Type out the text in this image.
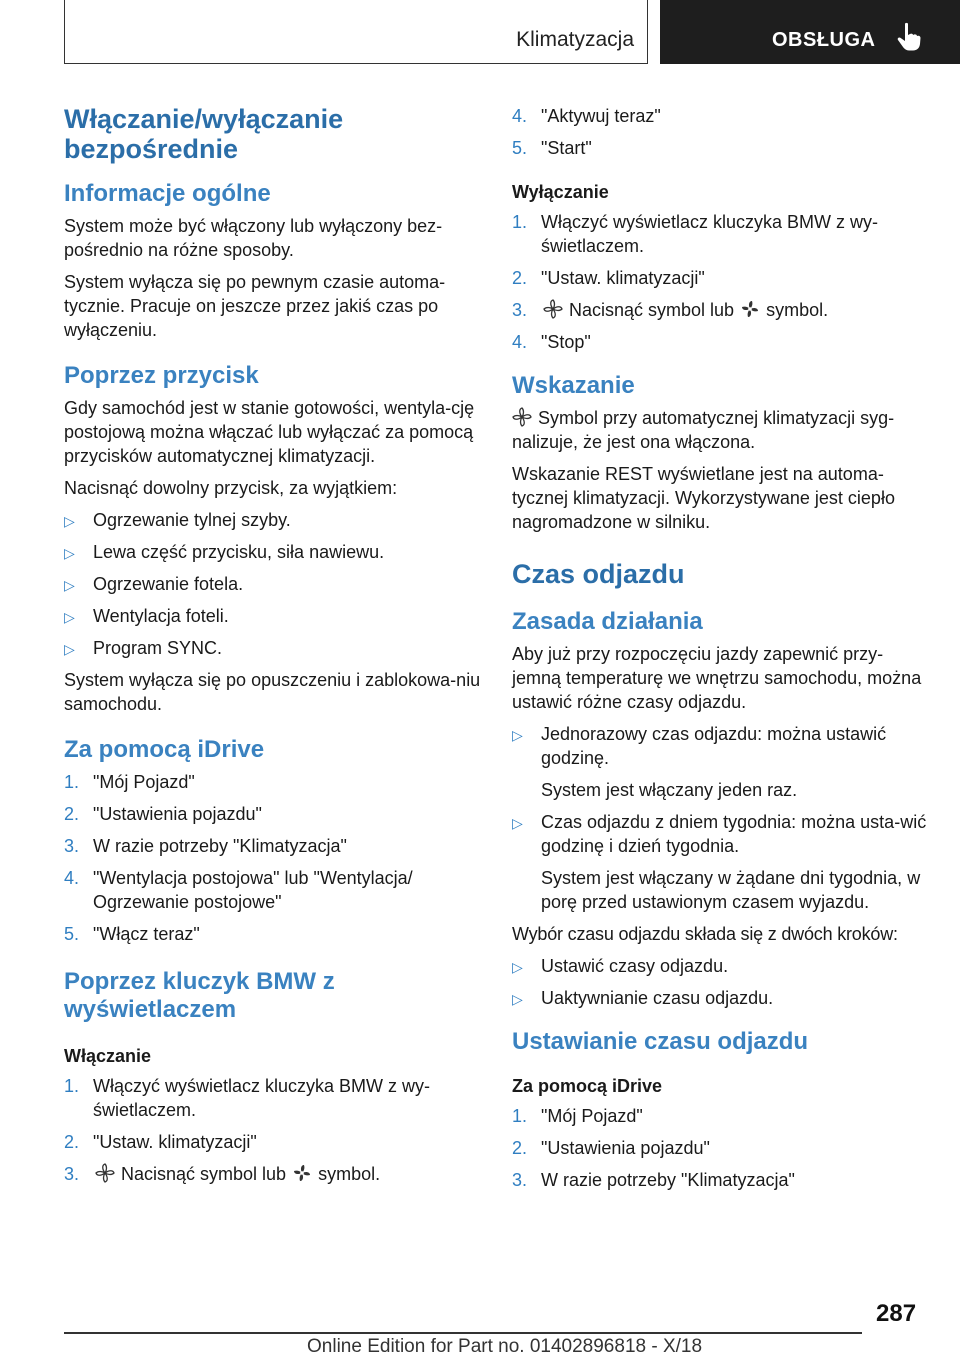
Klimatyzacja	OBSŁUGA
Włączanie/wyłączanie
bezpośrednie
Informacje ogólne

System może być włączony lub wyłączony bez-pośrednio na różne sposoby.

System wyłącza się po pewnym czasie automa-tycznie. Pracuje on jeszcze przez jakiś czas po wyłączeniu.

Poprzez przycisk

Gdy samochód jest w stanie gotowości, wentyla-cję postojową można włączać lub wyłączać za pomocą przycisków automatycznej klimatyzacji.

Nacisnąć dowolny przycisk, za wyjątkiem:

▷ Ogrzewanie tylnej szyby.
▷ Lewa część przycisku, siła nawiewu.
▷ Ogrzewanie fotela.
▷ Wentylacja foteli.
▷ Program SYNC.

System wyłącza się po opuszczeniu i zablokowa-niu samochodu.

Za pomocą iDrive
1. "Mój Pojazd"
2. "Ustawienia pojazdu"
3. W razie potrzeby "Klimatyzacja"
4. "Wentylacja postojowa" lub "Wentylacja/ Ogrzewanie postojowe"
5. "Włącz teraz"
Poprzez kluczyk BMW z
wyświetlaczem
Włączanie
1. Włączyć wyświetlacz kluczyka BMW z wy-świetlaczem.
2. "Ustaw. klimatyzacji"
3. Nacisnąć symbol lub symbol.
4. "Aktywuj teraz"
5. "Start"
Wyłączanie
1. Włączyć wyświetlacz kluczyka BMW z wy-świetlaczem.
2. "Ustaw. klimatyzacji"
3. Nacisnąć symbol lub symbol.
4. "Stop"
Wskazanie

Symbol przy automatycznej klimatyzacji syg-nalizuje, że jest ona włączona.

Wskazanie REST wyświetlane jest na automa-tycznej klimatyzacji. Wykorzystywane jest ciepło nagromadzone w silniku.

Czas odjazdu
Zasada działania

Aby już przy rozpoczęciu jazdy zapewnić przy-jemną temperaturę we wnętrzu samochodu, można ustawić różne czasy odjazdu.

▷ Jednorazowy czas odjazdu: można ustawić godzinę.
System jest włączany jeden raz.
▷ Czas odjazdu z dniem tygodnia: można usta-wić godzinę i dzień tygodnia.
System jest włączany w żądane dni tygodnia, w porę przed ustawionym czasem wyjazdu.

Wybór czasu odjazdu składa się z dwóch kroków:

▷ Ustawić czasy odjazdu.
▷ Uaktywnianie czasu odjazdu.
Ustawianie czasu odjazdu
Za pomocą iDrive
1. "Mój Pojazd"
2. "Ustawienia pojazdu"
3. W razie potrzeby "Klimatyzacja"
287
Online Edition for Part no. 01402896818 - X/18
